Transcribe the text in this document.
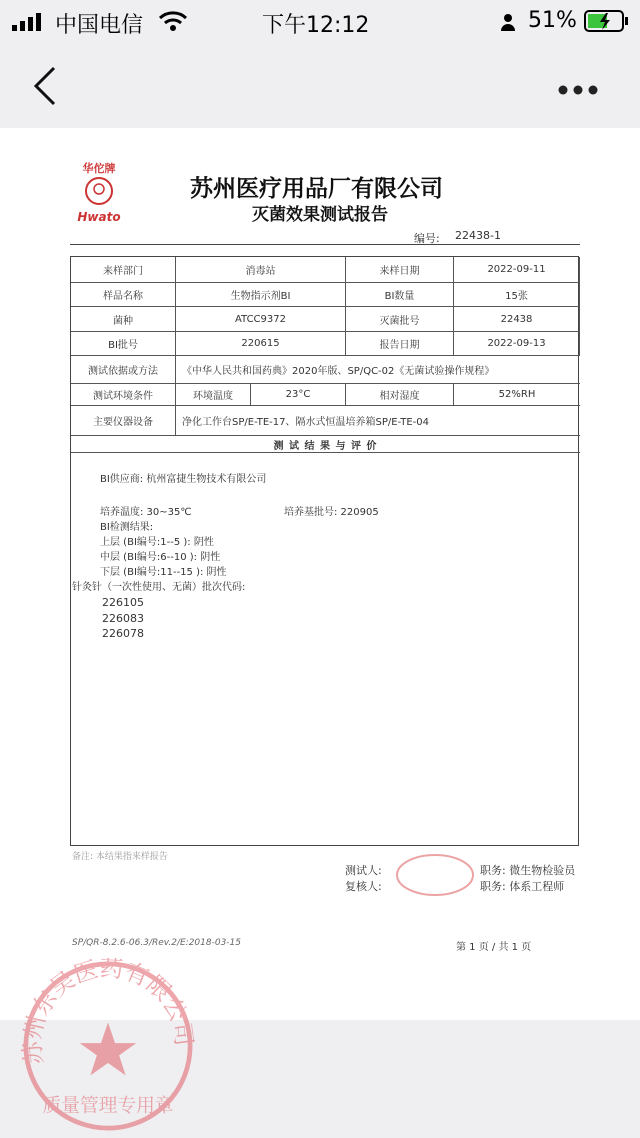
中国电信	下午12:12	51%
华佗牌
Hwato
苏州医疗用品厂有限公司
灭菌效果测试报告
编号: 22438-1
来样部门	消毒站	来样日期	2022-09-11
样品名称	生物指示剂BI	BI数量	15张
菌种	ATCC9372	灭菌批号	22438
BI批号	220615	报告日期	2022-09-13
测试依据或方法	《中华人民共和国药典》2020年版、SP/QC-02《无菌试验操作规程》
测试环境条件	环境温度	23°C	相对湿度	52%RH
主要仪器设备	净化工作台SP/E-TE-17、隔水式恒温培养箱SP/E-TE-04
测 试 结 果 与 评 价
BI供应商: 杭州富捷生物技术有限公司
培养温度: 30~35℃	培养基批号: 220905
BI检测结果:
上层 (BI编号:1--5 ): 阴性
中层 (BI编号:6--10 ): 阴性
下层 (BI编号:11--15 ): 阴性
针灸针（一次性使用、无菌）批次代码:
226105
226083
226078
备注: 本结果指来样报告
测试人:	职务: 微生物检验员
复核人:	职务: 体系工程师
SP/QR-8.2.6-06.3/Rev.2/E:2018-03-15	第 1 页 / 共 1 页
质量管理专用章
苏州东吴医药有限公司
